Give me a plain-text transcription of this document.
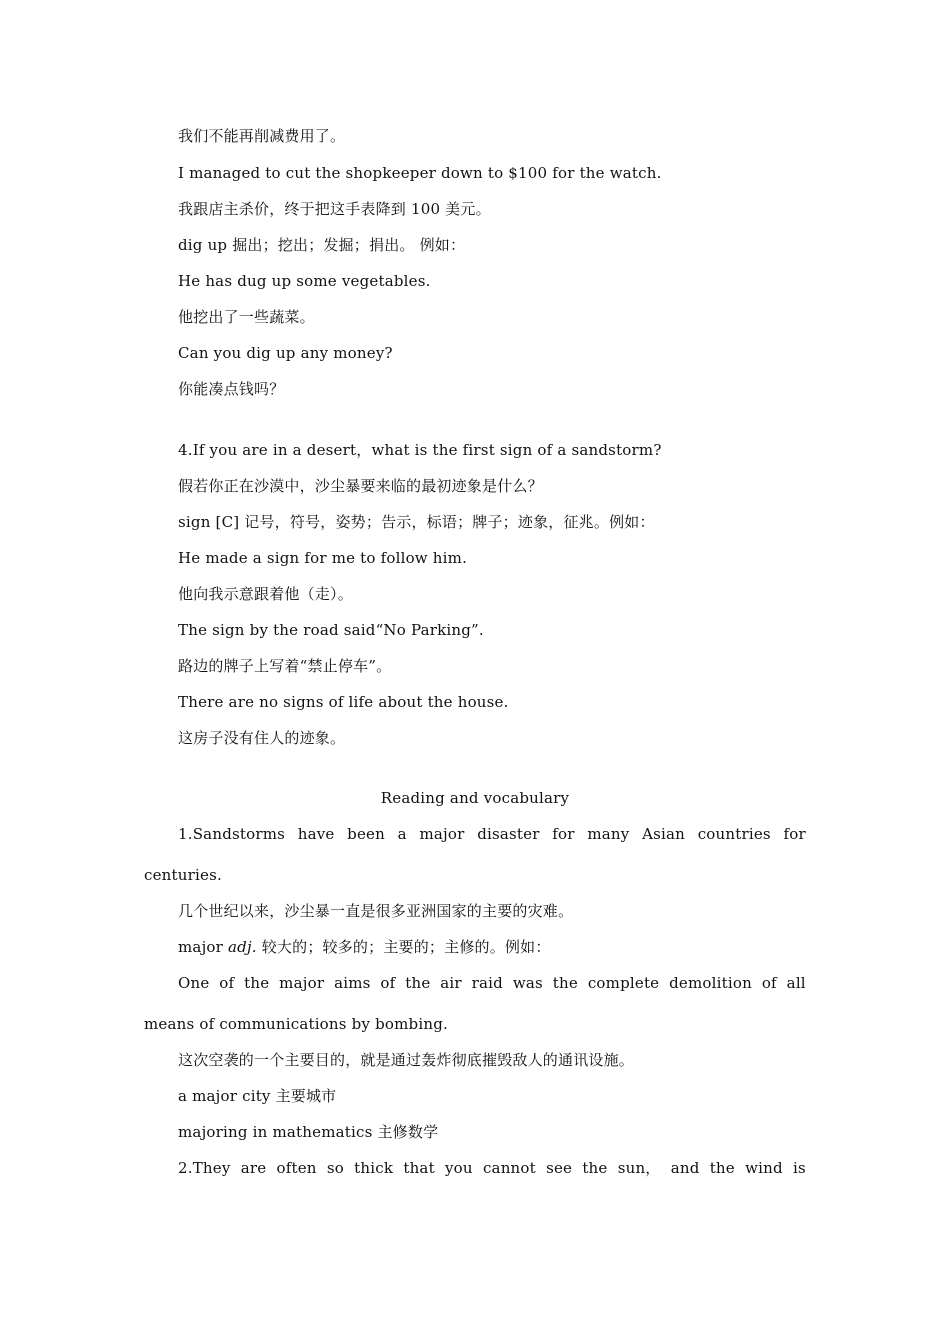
我们不能再削减费用了。
I managed to cut the shopkeeper down to $100 for the watch.
我跟店主杀价，终于把这手表降到 100 美元。
dig up 掘出；挖出；发掘；捐出。 例如：
He has dug up some vegetables.
他挖出了一些蔬菜。
Can you dig up any money?
你能凑点钱吗？
4.If you are in a desert，what is the first sign of a sandstorm?
假若你正在沙漠中，沙尘暴要来临的最初迹象是什么？
sign [C] 记号，符号，姿势；告示，标语；牌子；迹象，征兆。例如：
He made a sign for me to follow him.
他向我示意跟着他（走）。
The sign by the road said“No Parking”.
路边的牌子上写着“禁止停车”。
There are no signs of life about the house.
这房子没有住人的迹象。
Reading and vocabulary
1.Sandstorms have been a major disaster for many Asian countries for
centuries.
几个世纪以来，沙尘暴一直是很多亚洲国家的主要的灾难。
major adj. 较大的；较多的；主要的；主修的。例如：
One of the major aims of the air raid was the complete demolition of all
means of communications by bombing.
这次空袭的一个主要目的，就是通过轰炸彻底摧毁敌人的通讯设施。
a major city 主要城市
majoring in mathematics 主修数学
2.They are often so thick that you cannot see the sun， and the wind is
